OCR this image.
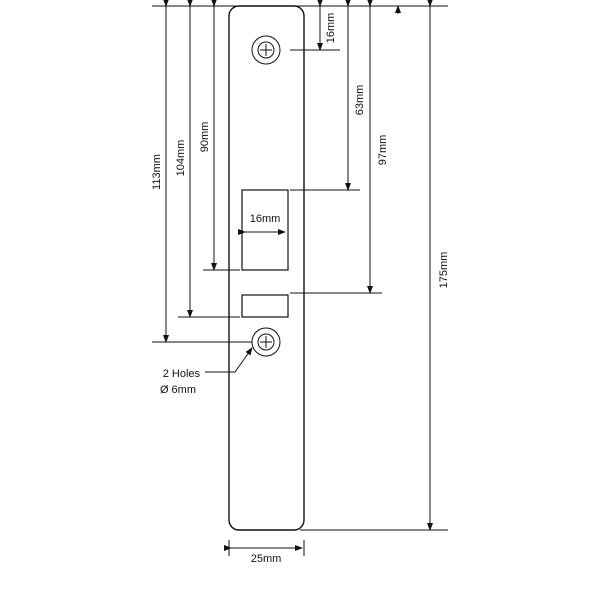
16mm
16mm
63mm
97mm
175mm
113mm 104mm
90mm
25mm
2 Holes
Ø 6mm
